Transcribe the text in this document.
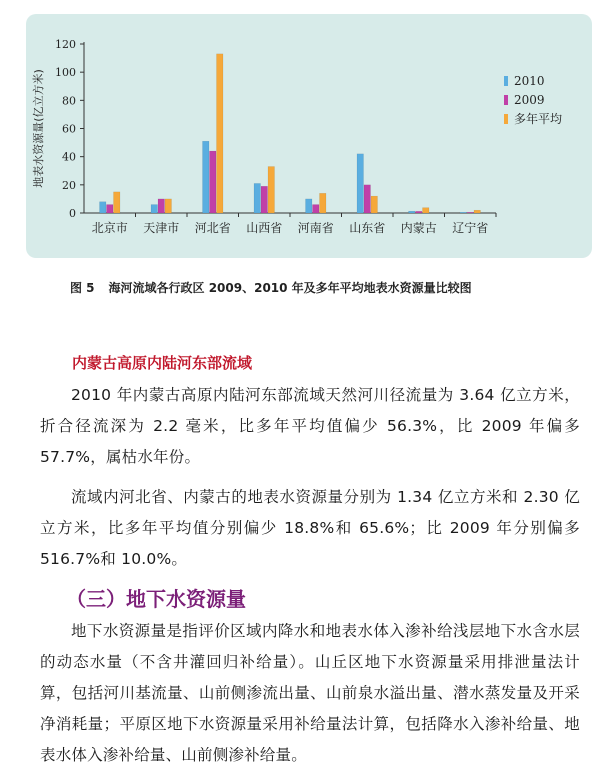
0
20
40
60
80
100
120
地表水资源量(亿立方米)
北京市 天津市 河北省 山西省 河南省 山东省 内蒙古 辽宁省
2010
2009
多年平均
图 5 海河流域各行政区 2009、2010 年及多年平均地表水资源量比较图
内蒙古高原内陆河东部流域

2010 年内蒙古高原内陆河东部流域天然河川径流量为 3.64 亿立方米，折合径流深为 2.2 毫米，比多年平均值偏少 56.3%，比 2009 年偏多 57.7%，属枯水年份。

流域内河北省、内蒙古的地表水资源量分别为 1.34 亿立方米和 2.30 亿立方米，比多年平均值分别偏少 18.8%和 65.6%；比 2009 年分别偏多 516.7%和 10.0%。

（三）地下水资源量

地下水资源量是指评价区域内降水和地表水体入渗补给浅层地下水含水层的动态水量（不含井灌回归补给量）。山丘区地下水资源量采用排泄量法计算，包括河川基流量、山前侧渗流出量、山前泉水溢出量、潜水蒸发量及开采净消耗量；平原区地下水资源量采用补给量法计算，包括降水入渗补给量、地表水体入渗补给量、山前侧渗补给量。
